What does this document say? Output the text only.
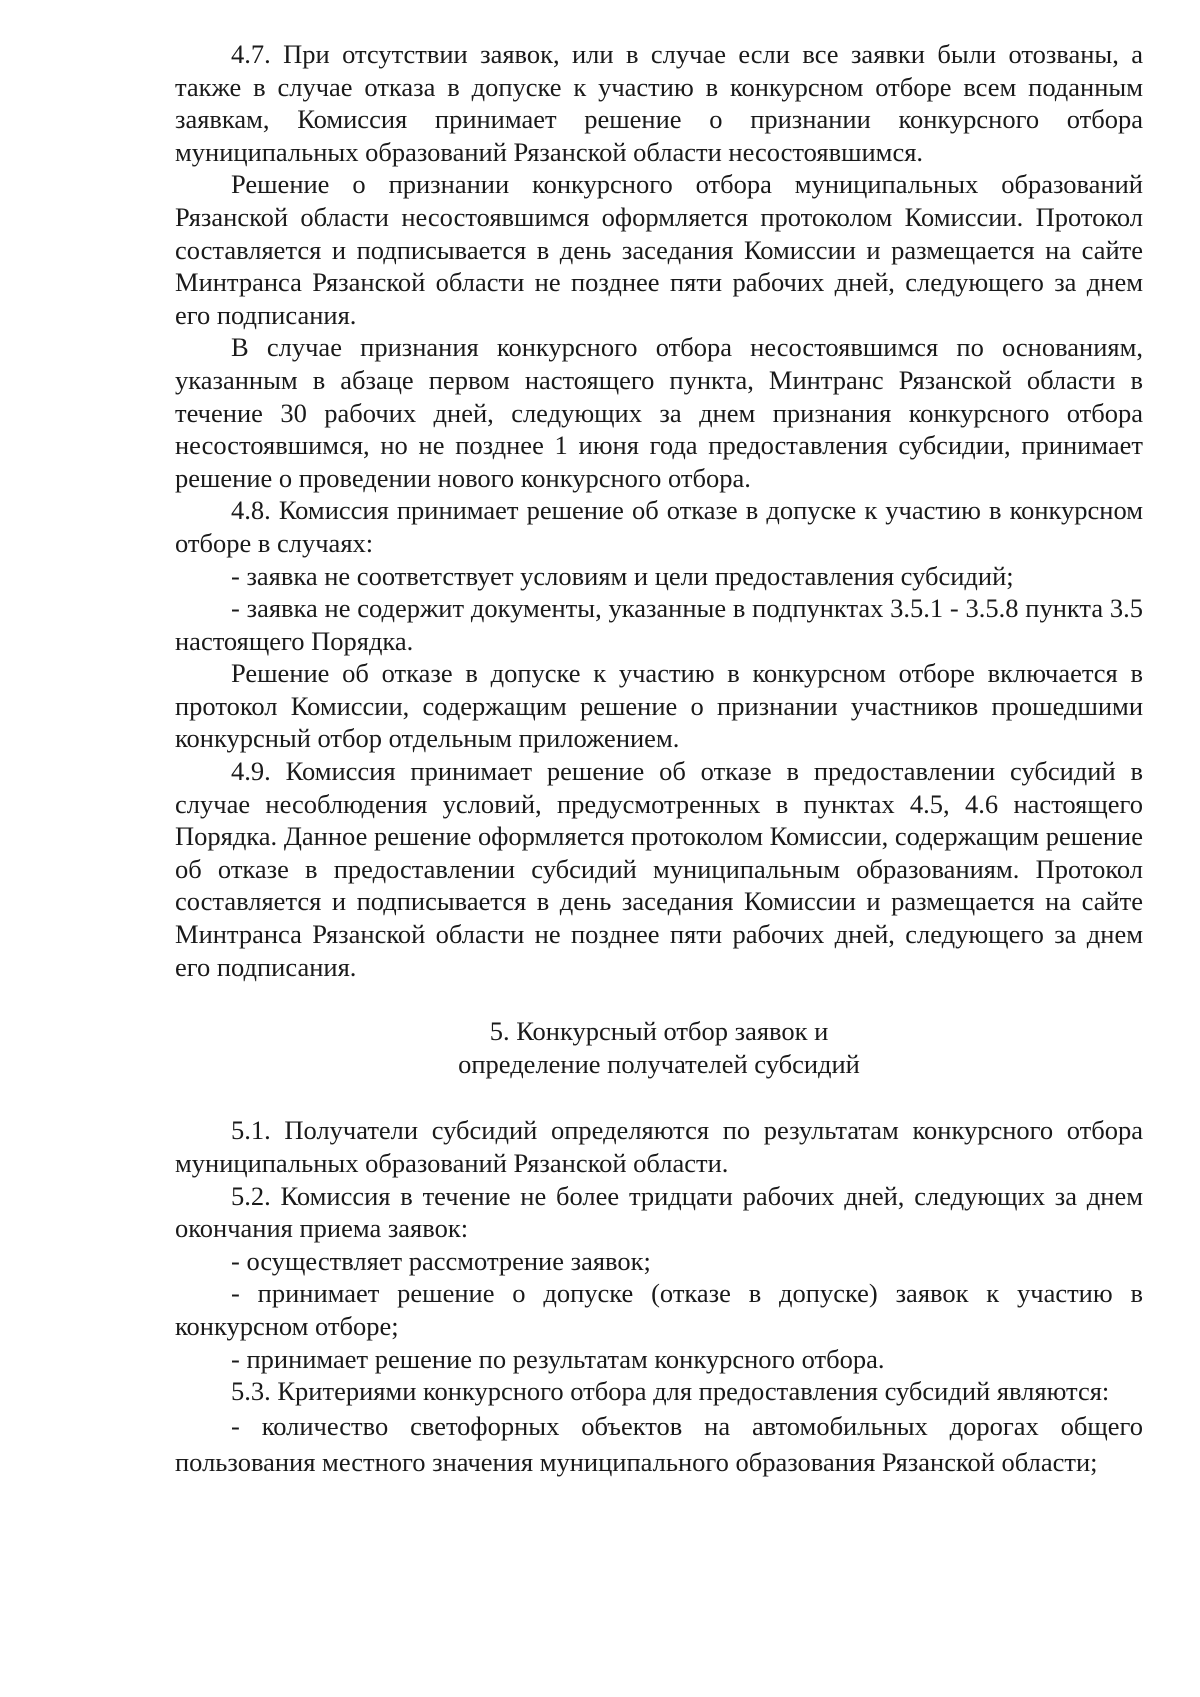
4.7. При отсутствии заявок, или в случае если все заявки были отозваны, а также в случае отказа в допуске к участию в конкурсном отборе всем поданным заявкам, Комиссия принимает решение о признании конкурсного отбора муниципальных образований Рязанской области несостоявшимся.

Решение о признании конкурсного отбора муниципальных образований Рязанской области несостоявшимся оформляется протоколом Комиссии. Протокол составляется и подписывается в день заседания Комиссии и размещается на сайте Минтранса Рязанской области не позднее пяти рабочих дней, следующего за днем его подписания.

В случае признания конкурсного отбора несостоявшимся по основаниям, указанным в абзаце первом настоящего пункта, Минтранс Рязанской области в течение 30 рабочих дней, следующих за днем признания конкурсного отбора несостоявшимся, но не позднее 1 июня года предоставления субсидии, принимает решение о проведении нового конкурсного отбора.

4.8. Комиссия принимает решение об отказе в допуске к участию в конкурсном отборе в случаях:

- заявка не соответствует условиям и цели предоставления субсидий;

- заявка не содержит документы, указанные в подпунктах 3.5.1 - 3.5.8 пункта 3.5 настоящего Порядка.

Решение об отказе в допуске к участию в конкурсном отборе включается в протокол Комиссии, содержащим решение о признании участников прошедшими конкурсный отбор отдельным приложением.

4.9. Комиссия принимает решение об отказе в предоставлении субсидий в случае несоблюдения условий, предусмотренных в пунктах 4.5, 4.6 настоящего Порядка. Данное решение оформляется протоколом Комиссии, содержащим решение об отказе в предоставлении субсидий муниципальным образованиям. Протокол составляется и подписывается в день заседания Комиссии и размещается на сайте Минтранса Рязанской области не позднее пяти рабочих дней, следующего за днем его подписания.

5. Конкурсный отбор заявок и
определение получателей субсидий

5.1. Получатели субсидий определяются по результатам конкурсного отбора муниципальных образований Рязанской области.

5.2. Комиссия в течение не более тридцати рабочих дней, следующих за днем окончания приема заявок:

- осуществляет рассмотрение заявок;

- принимает решение о допуске (отказе в допуске) заявок к участию в конкурсном отборе;

- принимает решение по результатам конкурсного отбора.

5.3. Критериями конкурсного отбора для предоставления субсидий являются:

- количество светофорных объектов на автомобильных дорогах общего пользования местного значения муниципального образования Рязанской области;
